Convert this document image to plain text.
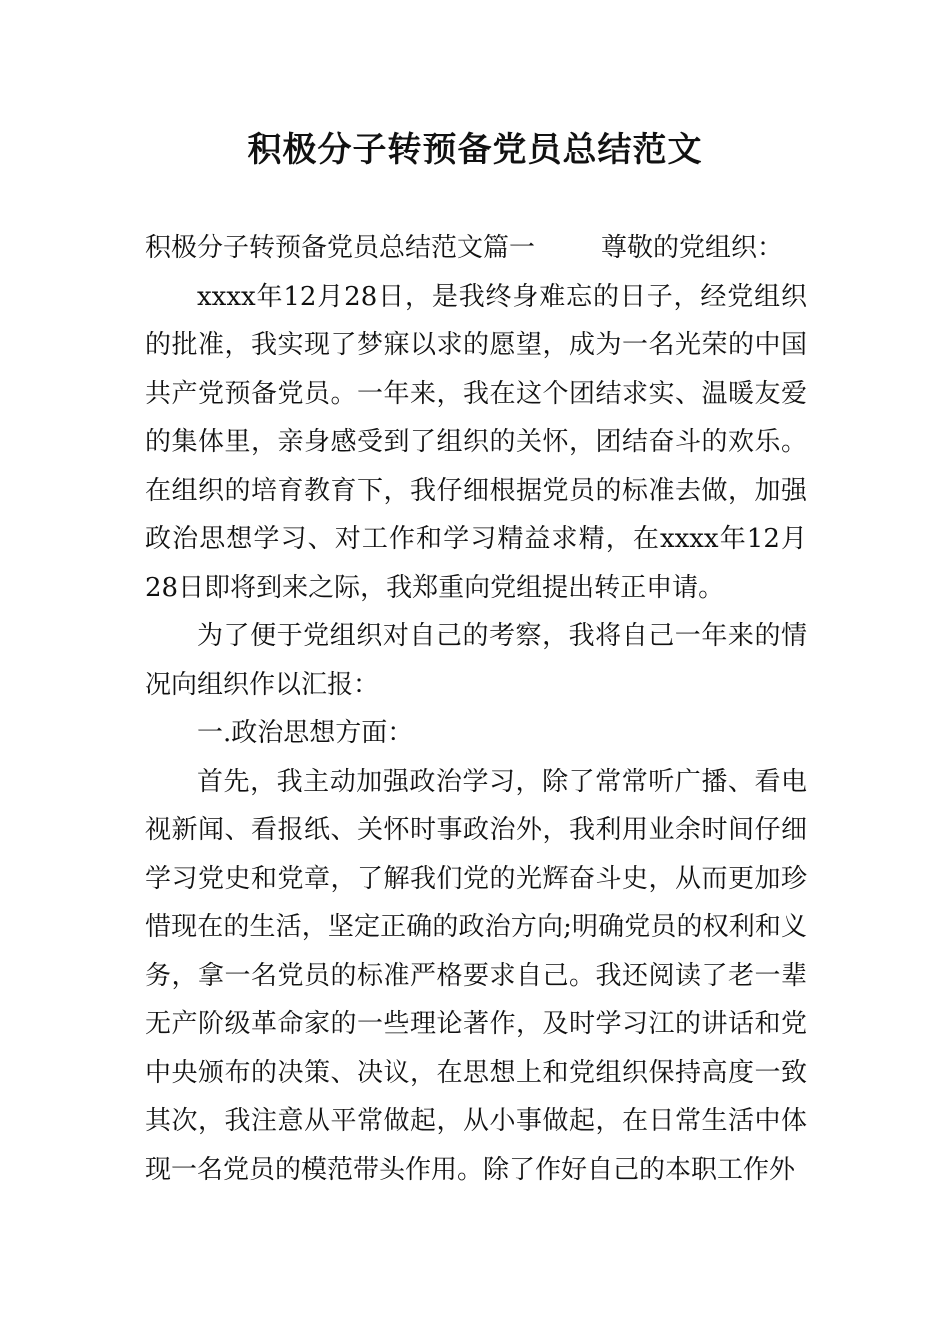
积极分子转预备党员总结范文

积极分子转预备党员总结范文篇一	尊敬的党组织：

xxxx年12月28日，是我终身难忘的日子，经党组织的批准，我实现了梦寐以求的愿望，成为一名光荣的中国共产党预备党员。一年来，我在这个团结求实、温暖友爱的集体里，亲身感受到了组织的关怀，团结奋斗的欢乐。在组织的培育教育下，我仔细根据党员的标准去做，加强政治思想学习、对工作和学习精益求精，在xxxx年12月28日即将到来之际，我郑重向党组提出转正申请。

为了便于党组织对自己的考察，我将自己一年来的情况向组织作以汇报：

一.政治思想方面：

首先，我主动加强政治学习，除了常常听广播、看电视新闻、看报纸、关怀时事政治外，我利用业余时间仔细学习党史和党章，了解我们党的光辉奋斗史，从而更加珍惜现在的生活，坚定正确的政治方向;明确党员的权利和义务，拿一名党员的标准严格要求自己。我还阅读了老一辈无产阶级革命家的一些理论著作，及时学习江的讲话和党中央颁布的决策、决议，在思想上和党组织保持高度一致其次，我注意从平常做起，从小事做起，在日常生活中体现一名党员的模范带头作用。除了作好自己的本职工作外
